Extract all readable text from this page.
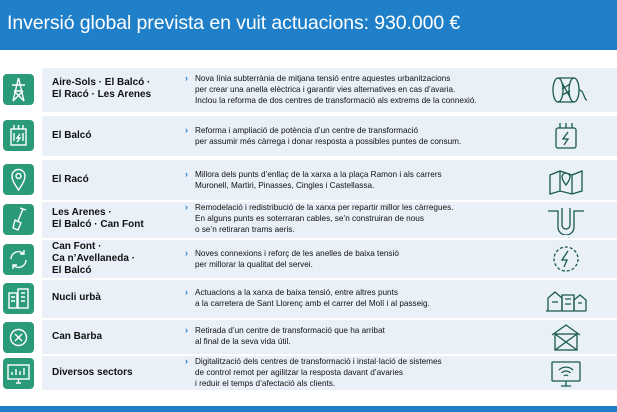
Inversió global prevista en vuit actuacions: 930.000 €
Aire-Sols · El Balcó ·
El Racó · Les Arenes
› Nova línia subterrània de mitjana tensió entre aquestes urbanitzacions
per crear una anella elèctrica i garantir vies alternatives en cas d’avaria.
Inclou la reforma de dos centres de transformació als extrems de la connexió.
El Balcó	› Reforma i ampliació de potència d’un centre de transformació
per assumir més càrrega i donar resposta a possibles puntes de consum.
El Racó	› Millora dels punts d’enllaç de la xarxa a la plaça Ramon i als carrers
Muronell, Martiri, Pinasses, Cingles i Castellassa.
Les Arenes ·
El Balcó · Can Font
› Remodelació i redistribució de la xarxa per repartir millor les càrregues.
En alguns punts es soterraran cables, se’n construiran de nous
o se’n retiraran trams aeris.
Can Font ·
Ca n’Avellaneda ·
El Balcó
› Noves connexions i reforç de les anelles de baixa tensió
per millorar la qualitat del servei.
Nucli urbà	› Actuacions a la xarxa de baixa tensió, entre altres punts
a la carretera de Sant Llorenç amb el carrer del Molí i al passeig.
Can Barba
› Retirada d’un centre de transformació que ha arribat
al final de la seva vida útil.
Diversos sectors
› Digitalització dels centres de transformació i instal·lació de sistemes
de control remot per agilitzar la resposta davant d’avaries
i reduir el temps d’afectació als clients.
